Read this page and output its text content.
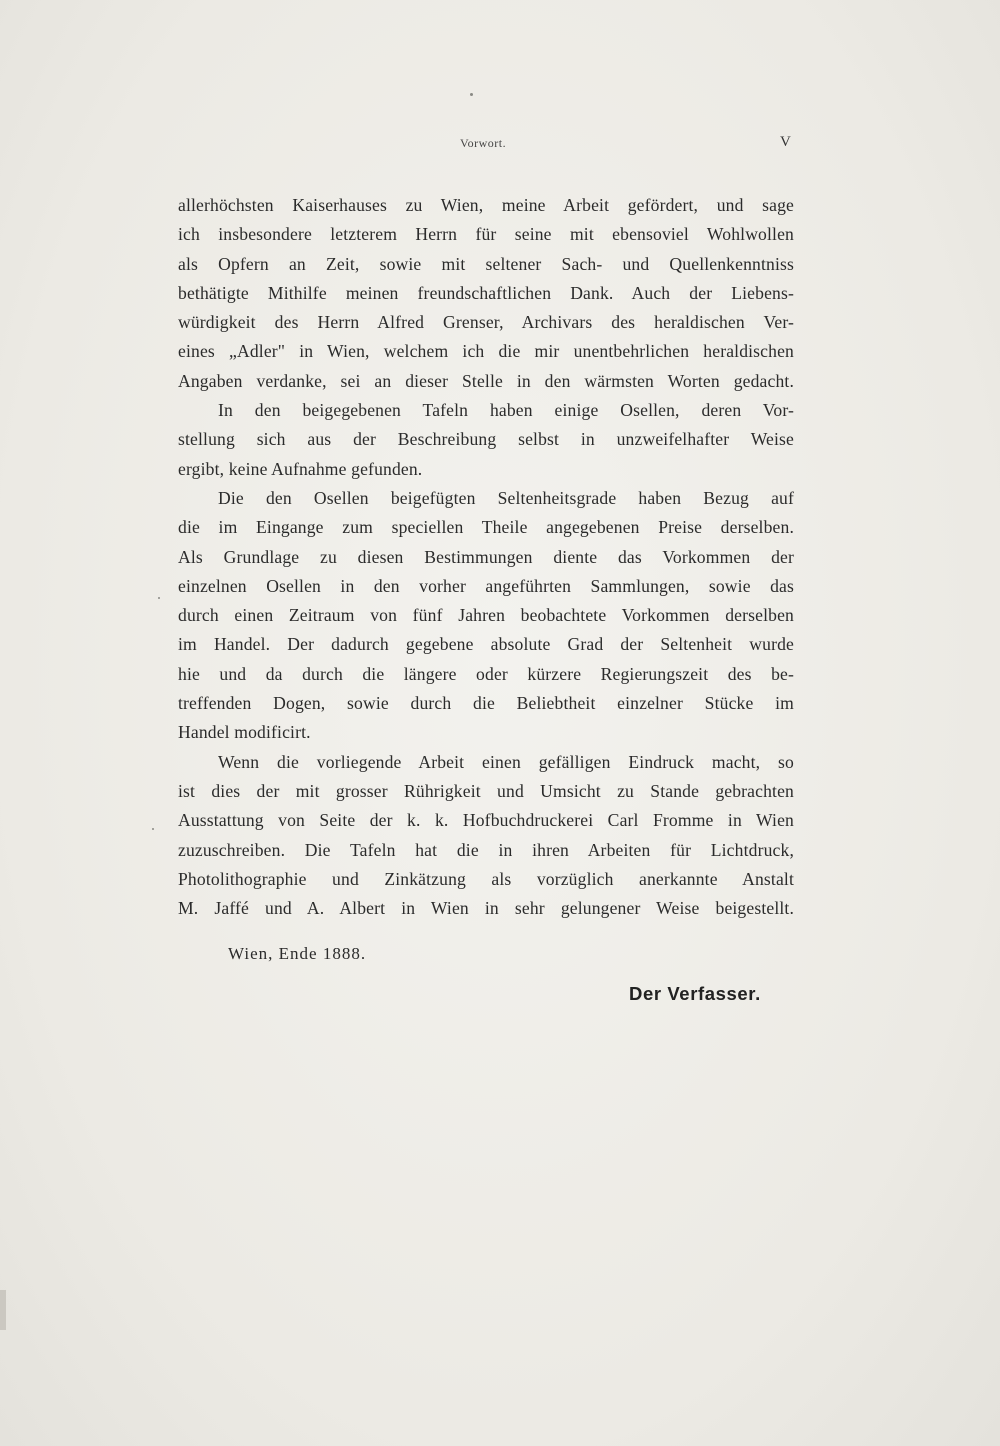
Vorwort.	V
allerhöchsten Kaiserhauses zu Wien, meine Arbeit gefördert, und sage
ich insbesondere letzterem Herrn für seine mit ebensoviel Wohlwollen
als Opfern an Zeit, sowie mit seltener Sach- und Quellenkenntniss
bethätigte Mithilfe meinen freundschaftlichen Dank. Auch der Liebens-
würdigkeit des Herrn Alfred Grenser, Archivars des heraldischen Ver-
eines „Adler" in Wien, welchem ich die mir unentbehrlichen heraldischen
Angaben verdanke, sei an dieser Stelle in den wärmsten Worten gedacht.
In den beigegebenen Tafeln haben einige Osellen, deren Vor-
stellung sich aus der Beschreibung selbst in unzweifelhafter Weise
ergibt, keine Aufnahme gefunden.
Die den Osellen beigefügten Seltenheitsgrade haben Bezug auf
die im Eingange zum speciellen Theile angegebenen Preise derselben.
Als Grundlage zu diesen Bestimmungen diente das Vorkommen der
einzelnen Osellen in den vorher angeführten Sammlungen, sowie das
durch einen Zeitraum von fünf Jahren beobachtete Vorkommen derselben
im Handel. Der dadurch gegebene absolute Grad der Seltenheit wurde
hie und da durch die längere oder kürzere Regierungszeit des be-
treffenden Dogen, sowie durch die Beliebtheit einzelner Stücke im
Handel modificirt.
Wenn die vorliegende Arbeit einen gefälligen Eindruck macht, so
ist dies der mit grosser Rührigkeit und Umsicht zu Stande gebrachten
Ausstattung von Seite der k. k. Hofbuchdruckerei Carl Fromme in Wien
zuzuschreiben. Die Tafeln hat die in ihren Arbeiten für Lichtdruck,
Photolithographie und Zinkätzung als vorzüglich anerkannte Anstalt
M. Jaffé und A. Albert in Wien in sehr gelungener Weise beigestellt.
Wien, Ende 1888.
Der Verfasser.
